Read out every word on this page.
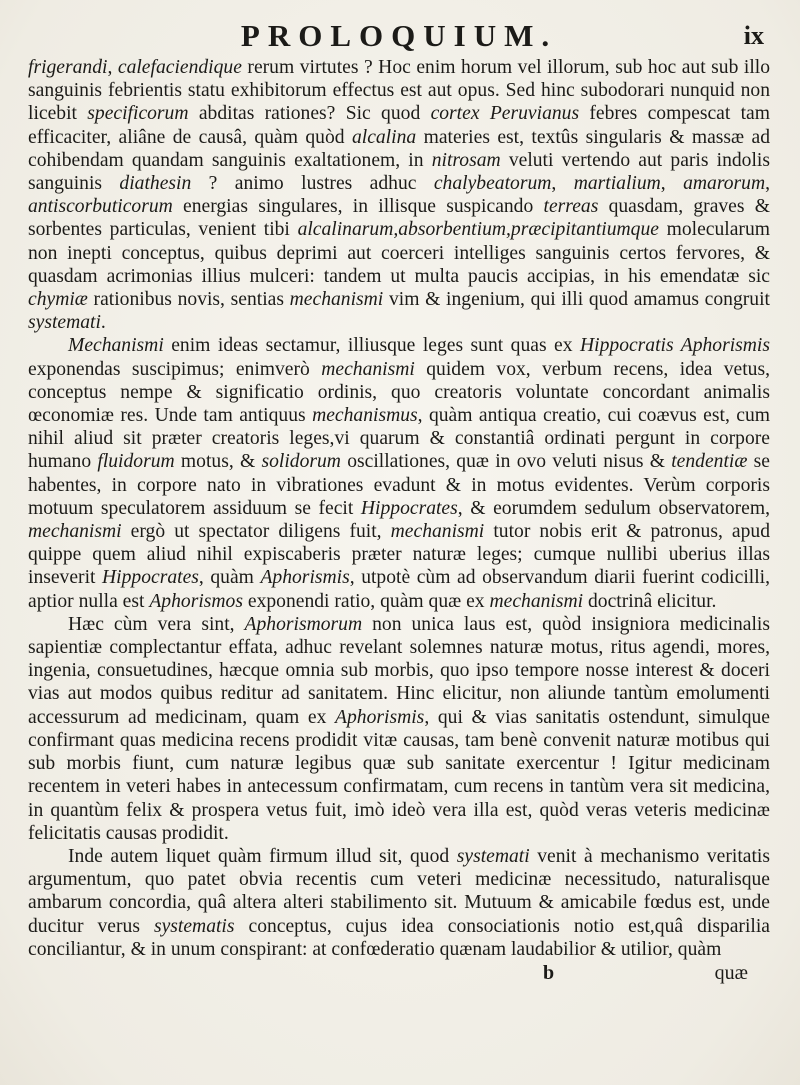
PROLOQUIUM.	ix

frigerandi, calefaciendique rerum virtutes ? Hoc enim horum vel illorum, sub hoc aut sub illo sanguinis febrientis statu exhibitorum effectus est aut opus. Sed hinc subodorari nunquid non licebit specificorum abditas rationes? Sic quod cortex Peruvianus febres compescat tam efficaciter, aliâne de causâ, quàm quòd alcalina materies est, textûs singularis & massæ ad cohibendam quandam sanguinis exaltationem, in nitrosam veluti vertendo aut paris indolis sanguinis diathesin ? animo lustres adhuc chalybeatorum, martialium, amarorum, antiscorbuticorum energias singulares, in illisque suspicando terreas quasdam, graves & sorbentes particulas, venient tibi alcalinarum,absorbentium,præcipitantiumque molecularum non inepti conceptus, quibus deprimi aut coerceri intelliges sanguinis certos fervores, & quasdam acrimonias illius mulceri: tandem ut multa paucis accipias, in his emendatæ sic chymiæ rationibus novis, sentias mechanismi vim & ingenium, qui illi quod amamus congruit systemati.

Mechanismi enim ideas sectamur, illiusque leges sunt quas ex Hippocratis Aphorismis exponendas suscipimus; enimverò mechanismi quidem vox, verbum recens, idea vetus, conceptus nempe & significatio ordinis, quo creatoris voluntate concordant animalis œconomiæ res. Unde tam antiquus mechanismus, quàm antiqua creatio, cui coævus est, cum nihil aliud sit præter creatoris leges,vi quarum & constantiâ ordinati pergunt in corpore humano fluidorum motus, & solidorum oscillationes, quæ in ovo veluti nisus & tendentiæ se habentes, in corpore nato in vibrationes evadunt & in motus evidentes. Verùm corporis motuum speculatorem assiduum se fecit Hippocrates, & eorumdem sedulum observatorem, mechanismi ergò ut spectator diligens fuit, mechanismi tutor nobis erit & patronus, apud quippe quem aliud nihil expiscaberis præter naturæ leges; cumque nullibi uberius illas inseverit Hippocrates, quàm Aphorismis, utpotè cùm ad observandum diarii fuerint codicilli, aptior nulla est Aphorismos exponendi ratio, quàm quæ ex mechanismi doctrinâ elicitur.

Hæc cùm vera sint, Aphorismorum non unica laus est, quòd insigniora medicinalis sapientiæ complectantur effata, adhuc revelant solemnes naturæ motus, ritus agendi, mores, ingenia, consuetudines, hæcque omnia sub morbis, quo ipso tempore nosse interest & doceri vias aut modos quibus reditur ad sanitatem. Hinc elicitur, non aliunde tantùm emolumenti accessurum ad medicinam, quam ex Aphorismis, qui & vias sanitatis ostendunt, simulque confirmant quas medicina recens prodidit vitæ causas, tam benè convenit naturæ motibus qui sub morbis fiunt, cum naturæ legibus quæ sub sanitate exercentur ! Igitur medicinam recentem in veteri habes in antecessum confirmatam, cum recens in tantùm vera sit medicina, in quantùm felix & prospera vetus fuit, imò ideò vera illa est, quòd veras veteris medicinæ felicitatis causas prodidit.

Inde autem liquet quàm firmum illud sit, quod systemati venit à mechanismo veritatis argumentum, quo patet obvia recentis cum veteri medicinæ necessitudo, naturalisque ambarum concordia, quâ altera alteri stabilimento sit. Mutuum & amicabile fœdus est, unde ducitur verus systematis conceptus, cujus idea consociationis notio est,quâ disparilia conciliantur, & in unum conspirant: at confœderatio quænam laudabilior & utilior, quàm

b	quæ
